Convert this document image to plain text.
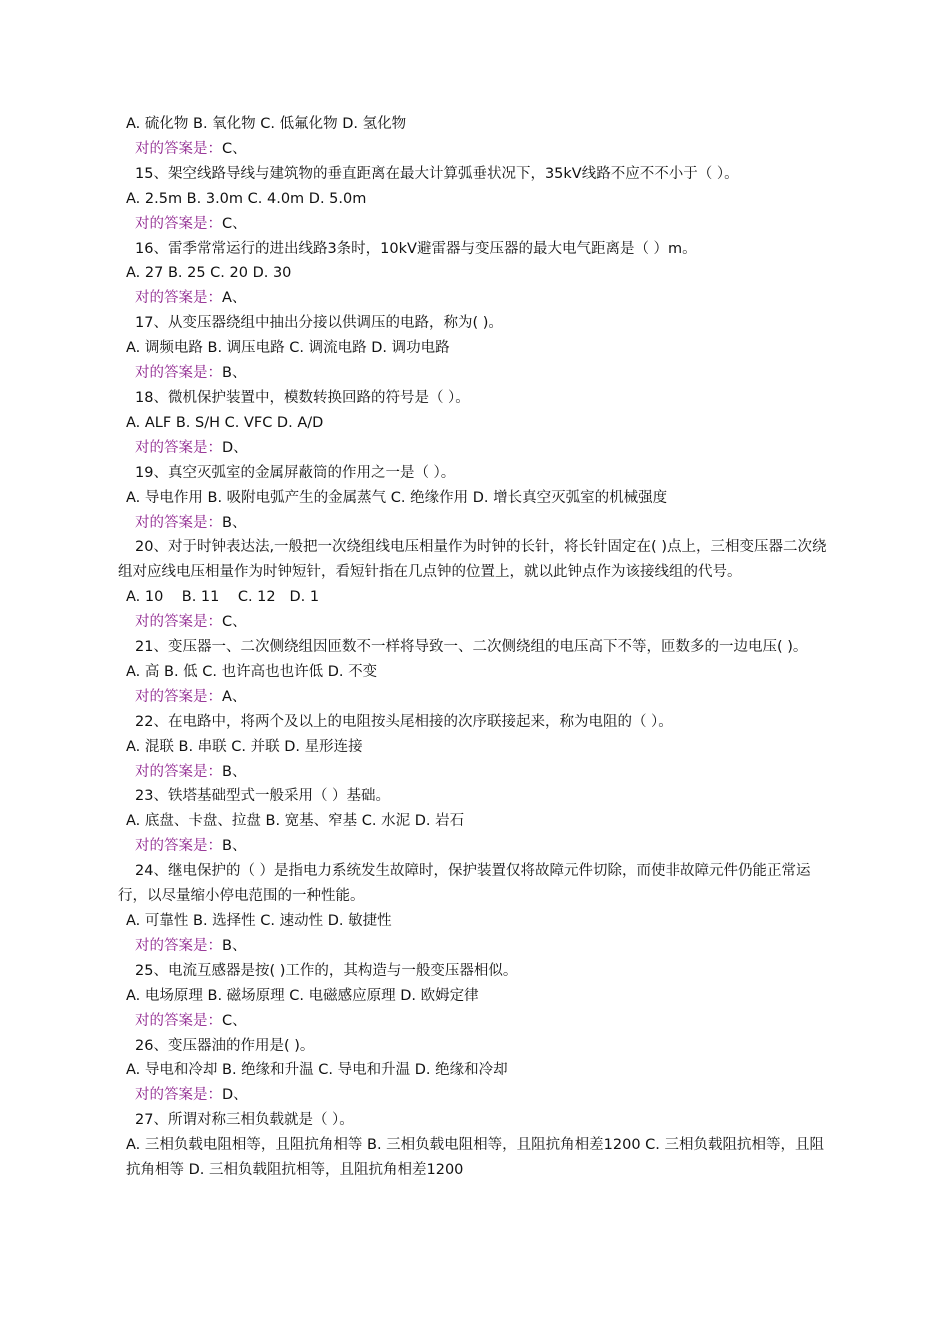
A. 硫化物 B. 氧化物 C. 低氟化物 D. 氢化物
对的答案是：C、
15、架空线路导线与建筑物的垂直距离在最大计算弧垂状况下，35kV线路不应不不小于（ ）。
A. 2.5m B. 3.0m C. 4.0m D. 5.0m
对的答案是：C、
16、雷季常常运行的进出线路3条时，10kV避雷器与变压器的最大电气距离是（ ）m。
A. 27 B. 25 C. 20 D. 30
对的答案是：A、
17、从变压器绕组中抽出分接以供调压的电路，称为( )。
A. 调频电路 B. 调压电路 C. 调流电路 D. 调功电路
对的答案是：B、
18、微机保护装置中，模数转换回路的符号是（ ）。
A. ALF B. S/H C. VFC D. A/D
对的答案是：D、
19、真空灭弧室的金属屏蔽筒的作用之一是（ ）。
A. 导电作用 B. 吸附电弧产生的金属蒸气 C. 绝缘作用 D. 增长真空灭弧室的机械强度
对的答案是：B、
20、对于时钟表达法,一般把一次绕组线电压相量作为时钟的长针，将长针固定在( )点上，三相变压器二次绕组对应线电压相量作为时钟短针，看短针指在几点钟的位置上，就以此钟点作为该接线组的代号。
A. 10    B. 11    C. 12   D. 1
对的答案是：C、
21、变压器一、二次侧绕组因匝数不一样将导致一、二次侧绕组的电压高下不等，匝数多的一边电压( )。
A. 高 B. 低 C. 也许高也也许低 D. 不变
对的答案是：A、
22、在电路中，将两个及以上的电阻按头尾相接的次序联接起来，称为电阻的（ ）。
A. 混联 B. 串联 C. 并联 D. 星形连接
对的答案是：B、
23、铁塔基础型式一般采用（ ）基础。
A. 底盘、卡盘、拉盘 B. 宽基、窄基 C. 水泥 D. 岩石
对的答案是：B、
24、继电保护的（ ）是指电力系统发生故障时，保护装置仅将故障元件切除，而使非故障元件仍能正常运行，以尽量缩小停电范围的一种性能。
A. 可靠性 B. 选择性 C. 速动性 D. 敏捷性
对的答案是：B、
25、电流互感器是按( )工作的，其构造与一般变压器相似。
A. 电场原理 B. 磁场原理 C. 电磁感应原理 D. 欧姆定律
对的答案是：C、
26、变压器油的作用是( )。
A. 导电和冷却 B. 绝缘和升温 C. 导电和升温 D. 绝缘和冷却
对的答案是：D、
27、所谓对称三相负载就是（ ）。
A. 三相负载电阻相等，且阻抗角相等 B. 三相负载电阻相等，且阻抗角相差1200 C. 三相负载阻抗相等，且阻抗角相等 D. 三相负载阻抗相等，且阻抗角相差1200
